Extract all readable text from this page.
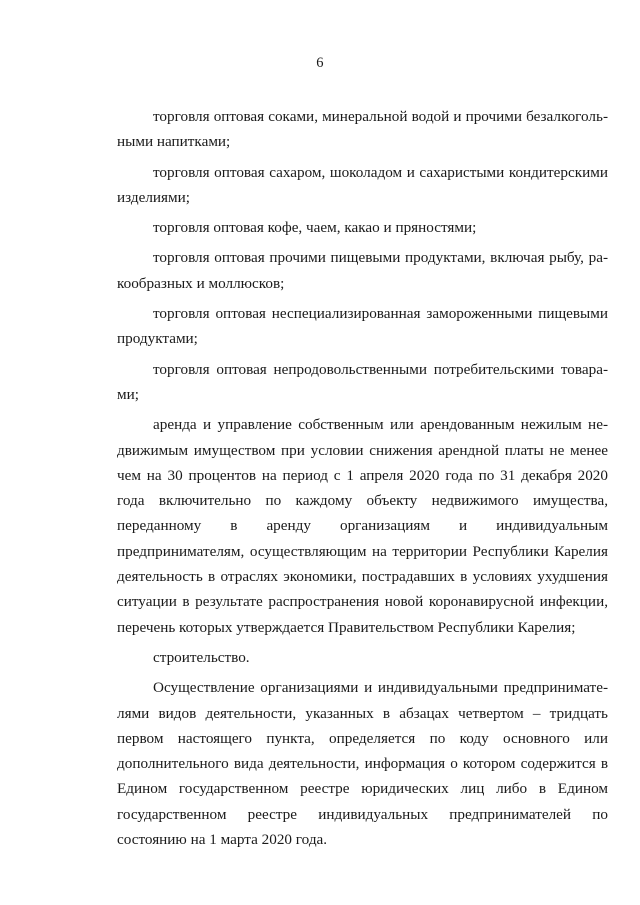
6

торговля оптовая соками, минеральной водой и прочими безалкогольными напитками;

торговля оптовая сахаром, шоколадом и сахаристыми кондитерскими изделиями;

торговля оптовая кофе, чаем, какао и пряностями;

торговля оптовая прочими пищевыми продуктами, включая рыбу, ракообразных и моллюсков;

торговля оптовая неспециализированная замороженными пищевыми продуктами;

торговля оптовая непродовольственными потребительскими товарами;

аренда и управление собственным или арендованным нежилым недвижимым имуществом при условии снижения арендной платы не менее чем на 30 процентов на период с 1 апреля 2020 года по 31 декабря 2020 года включительно по каждому объекту недвижимого имущества, переданному в аренду организациям и индивидуальным предпринимателям, осуществляющим на территории Республики Карелия деятельность в отраслях экономики, пострадавших в условиях ухудшения ситуации в результате распространения новой коронавирусной инфекции, перечень которых утверждается Правительством Республики Карелия;

строительство.

Осуществление организациями и индивидуальными предпринимателями видов деятельности, указанных в абзацах четвертом – тридцать первом настоящего пункта, определяется по коду основного или дополнительного вида деятельности, информация о котором содержится в Едином государственном реестре юридических лиц либо в Едином государственном реестре индивидуальных предпринимателей по состоянию на 1 марта 2020 года.
